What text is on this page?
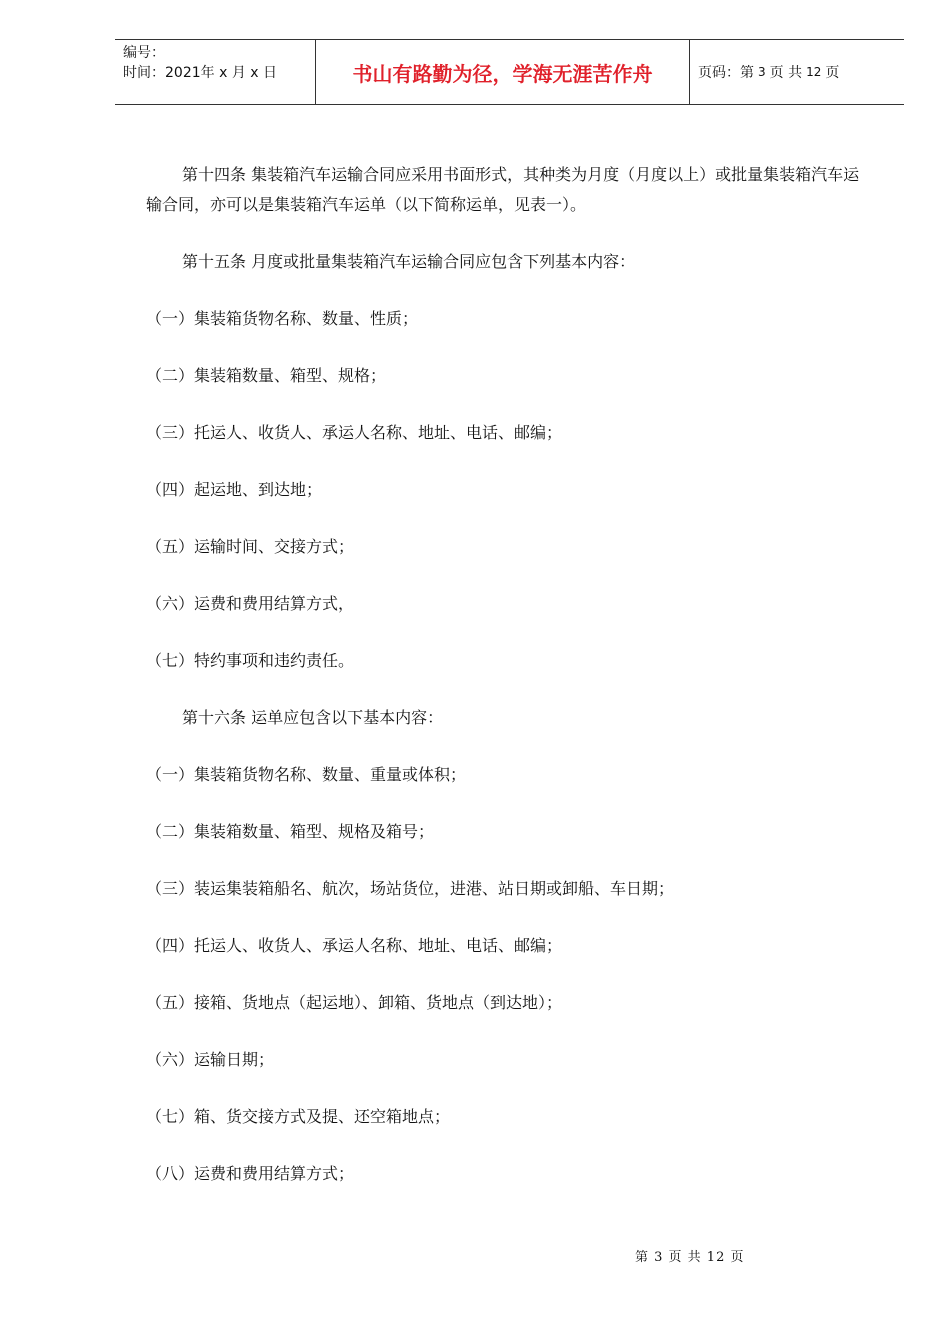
编号：
时间：2021年 x 月 x 日	书山有路勤为径，学海无涯苦作舟	页码：第 3 页 共 12 页

第十四条 集装箱汽车运输合同应采用书面形式，其种类为月度（月度以上）或批量集装箱汽车运输合同，亦可以是集装箱汽车运单（以下简称运单，见表一）。

第十五条 月度或批量集装箱汽车运输合同应包含下列基本内容：

（一）集装箱货物名称、数量、性质；

（二）集装箱数量、箱型、规格；

（三）托运人、收货人、承运人名称、地址、电话、邮编；

（四）起运地、到达地；

（五）运输时间、交接方式；

（六）运费和费用结算方式，

（七）特约事项和违约责任。

第十六条 运单应包含以下基本内容：

（一）集装箱货物名称、数量、重量或体积；

（二）集装箱数量、箱型、规格及箱号；

（三）装运集装箱船名、航次，场站货位，进港、站日期或卸船、车日期；

（四）托运人、收货人、承运人名称、地址、电话、邮编；

（五）接箱、货地点（起运地）、卸箱、货地点（到达地）；

（六）运输日期；

（七）箱、货交接方式及提、还空箱地点；

（八）运费和费用结算方式；

第 3 页 共 12 页
